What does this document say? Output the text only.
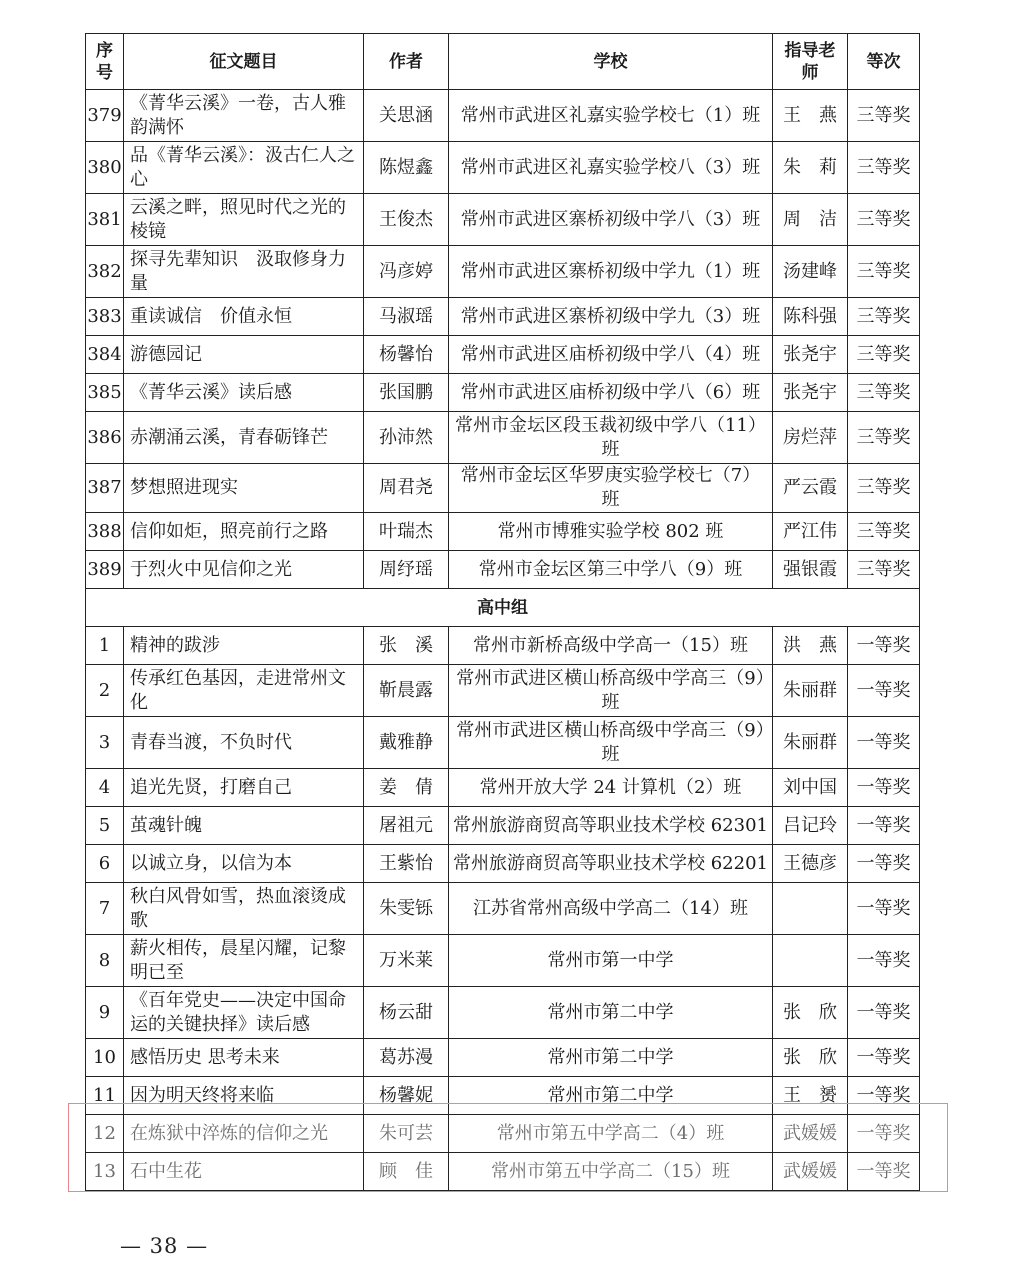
序号	征文题目	作者	学校	指导老师	等次
379	《菁华云溪》一卷，古人雅韵满怀	关思涵	常州市武进区礼嘉实验学校七（1）班	王　燕	三等奖
380	品《菁华云溪》：汲古仁人之心	陈煜鑫	常州市武进区礼嘉实验学校八（3）班	朱　莉	三等奖
381	云溪之畔，照见时代之光的棱镜	王俊杰	常州市武进区寨桥初级中学八（3）班	周　洁	三等奖
382	探寻先辈知识　汲取修身力量	冯彦婷	常州市武进区寨桥初级中学九（1）班	汤建峰	三等奖
383	重读诚信　价值永恒	马淑瑶	常州市武进区寨桥初级中学九（3）班	陈科强	三等奖
384	游德园记	杨馨怡	常州市武进区庙桥初级中学八（4）班	张尧宇	三等奖
385	《菁华云溪》读后感	张国鹏	常州市武进区庙桥初级中学八（6）班	张尧宇	三等奖
386	赤潮涌云溪，青春砺锋芒	孙沛然	常州市金坛区段玉裁初级中学八（11）班	房烂萍	三等奖
387	梦想照进现实	周君尧	常州市金坛区华罗庚实验学校七（7）班	严云霞	三等奖
388	信仰如炬，照亮前行之路	叶瑞杰	常州市博雅实验学校 802 班	严江伟	三等奖
389	于烈火中见信仰之光	周纾瑶	常州市金坛区第三中学八（9）班	强银霞	三等奖
高中组					
1	精神的跋涉	张　溪	常州市新桥高级中学高一（15）班	洪　燕	一等奖
2	传承红色基因，走进常州文化	靳晨露	常州市武进区横山桥高级中学高三（9）班	朱丽群	一等奖
3	青春当渡，不负时代	戴雅静	常州市武进区横山桥高级中学高三（9）班	朱丽群	一等奖
4	追光先贤，打磨自己	姜　倩	常州开放大学 24 计算机（2）班	刘中国	一等奖
5	茧魂针魄	屠祖元	常州旅游商贸高等职业技术学校 62301	吕记玲	一等奖
6	以诚立身，以信为本	王紫怡	常州旅游商贸高等职业技术学校 62201	王德彦	一等奖
7	秋白风骨如雪，热血滚烫成歌	朱雯铄	江苏省常州高级中学高二（14）班		一等奖
8	薪火相传，晨星闪耀，记黎明已至	万米莱	常州市第一中学		一等奖
9	《百年党史——决定中国命运的关键抉择》读后感	杨云甜	常州市第二中学	张　欣	一等奖
10	感悟历史 思考未来	葛苏漫	常州市第二中学	张　欣	一等奖
11	因为明天终将来临	杨馨妮	常州市第二中学	王　赟	一等奖
12	在炼狱中淬炼的信仰之光	朱可芸	常州市第五中学高二（4）班	武媛媛	一等奖
13	石中生花	顾　佳	常州市第五中学高二（15）班	武媛媛	一等奖
— 38 —
